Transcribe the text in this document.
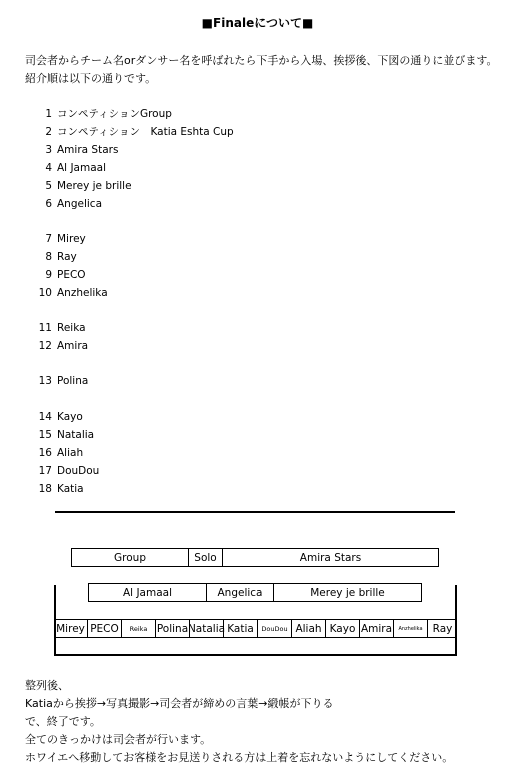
■Finaleについて■
司会者からチーム名orダンサー名を呼ばれたら下手から入場、挨拶後、下図の通りに並びます。
紹介順は以下の通りです。
1 コンペティションGroup
2 コンペティション　Katia Eshta Cup
3 Amira Stars
4 Al Jamaal
5 Merey je brille
6 Angelica
7 Mirey
8 Ray
9 PECO
10 Anzhelika
11 Reika
12 Amira
13 Polina
14 Kayo
15 Natalia
16 Aliah
17 DouDou
18 Katia
Group	Solo	Amira Stars
Al Jamaal	Angelica	Merey je brille
Mirey PECO	Reika Polina Natalia Katia	DouDou Aliah Kayo Amira	Anzhelika Ray
整列後、
Katiaから挨拶→写真撮影→司会者が締めの言葉→緞帳が下りる
で、終了です。
全てのきっかけは司会者が行います。
ホワイエへ移動してお客様をお見送りされる方は上着を忘れないようにしてください。
